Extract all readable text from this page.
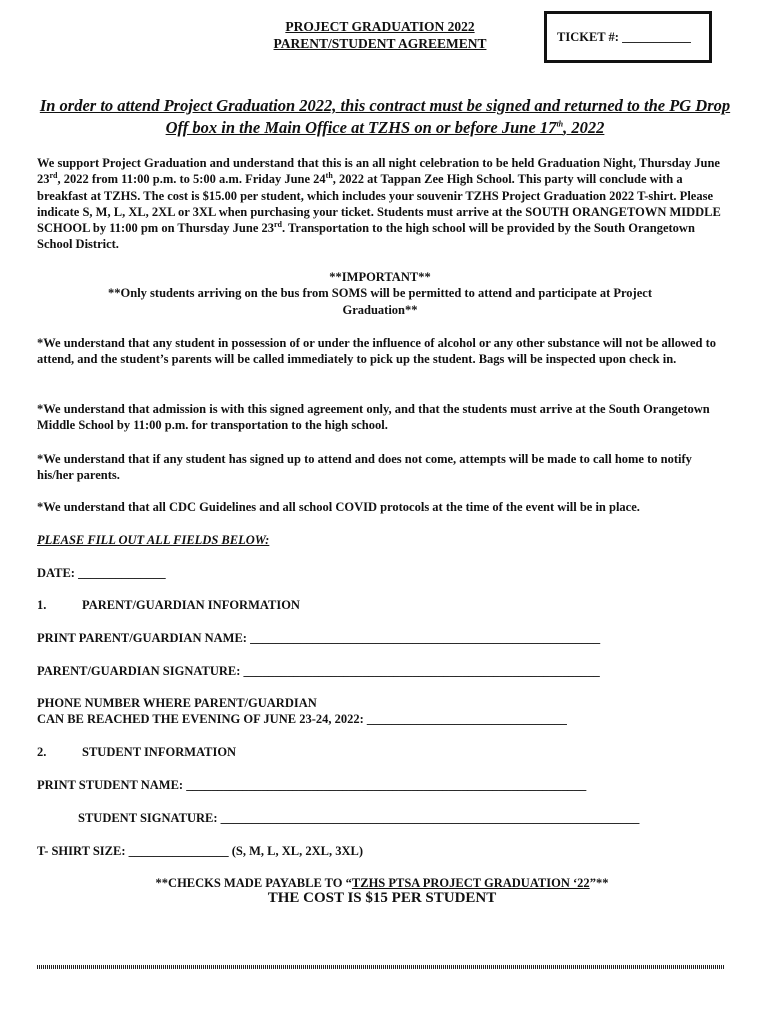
PROJECT GRADUATION 2022
PARENT/STUDENT AGREEMENT	TICKET #: ___________
In order to attend Project Graduation 2022, this contract must be signed and returned to the PG Drop Off box in the Main Office at TZHS on or before June 17th, 2022
We support Project Graduation and understand that this is an all night celebration to be held Graduation Night, Thursday June 23rd, 2022 from 11:00 p.m. to 5:00 a.m. Friday June 24th, 2022 at Tappan Zee High School. This party will conclude with a breakfast at TZHS. The cost is $15.00 per student, which includes your souvenir TZHS Project Graduation 2022 T-shirt. Please indicate S, M, L, XL, 2XL or 3XL when purchasing your ticket. Students must arrive at the SOUTH ORANGETOWN MIDDLE SCHOOL by 11:00 pm on Thursday June 23rd. Transportation to the high school will be provided by the South Orangetown School District.
**IMPORTANT**
**Only students arriving on the bus from SOMS will be permitted to attend and participate at Project Graduation**
*We understand that any student in possession of or under the influence of alcohol or any other substance will not be allowed to attend, and the student’s parents will be called immediately to pick up the student. Bags will be inspected upon check in.
*We understand that admission is with this signed agreement only, and that the students must arrive at the South Orangetown Middle School by 11:00 p.m. for transportation to the high school.
*We understand that if any student has signed up to attend and does not come, attempts will be made to call home to notify his/her parents.
*We understand that all CDC Guidelines and all school COVID protocols at the time of the event will be in place.
PLEASE FILL OUT ALL FIELDS BELOW:
DATE: ______________
1.	PARENT/GUARDIAN INFORMATION
PRINT PARENT/GUARDIAN NAME: ________________________________________________________
PARENT/GUARDIAN SIGNATURE: _________________________________________________________
PHONE NUMBER WHERE PARENT/GUARDIAN
CAN BE REACHED THE EVENING OF JUNE 23-24, 2022: ________________________________
2.	STUDENT INFORMATION
PRINT STUDENT NAME: ________________________________________________________________
STUDENT SIGNATURE: ___________________________________________________________________
T- SHIRT SIZE: ________________ (S, M, L, XL, 2XL, 3XL)
**CHECKS MADE PAYABLE TO “TZHS PTSA PROJECT GRADUATION ‘22”**
THE COST IS $15 PER STUDENT
